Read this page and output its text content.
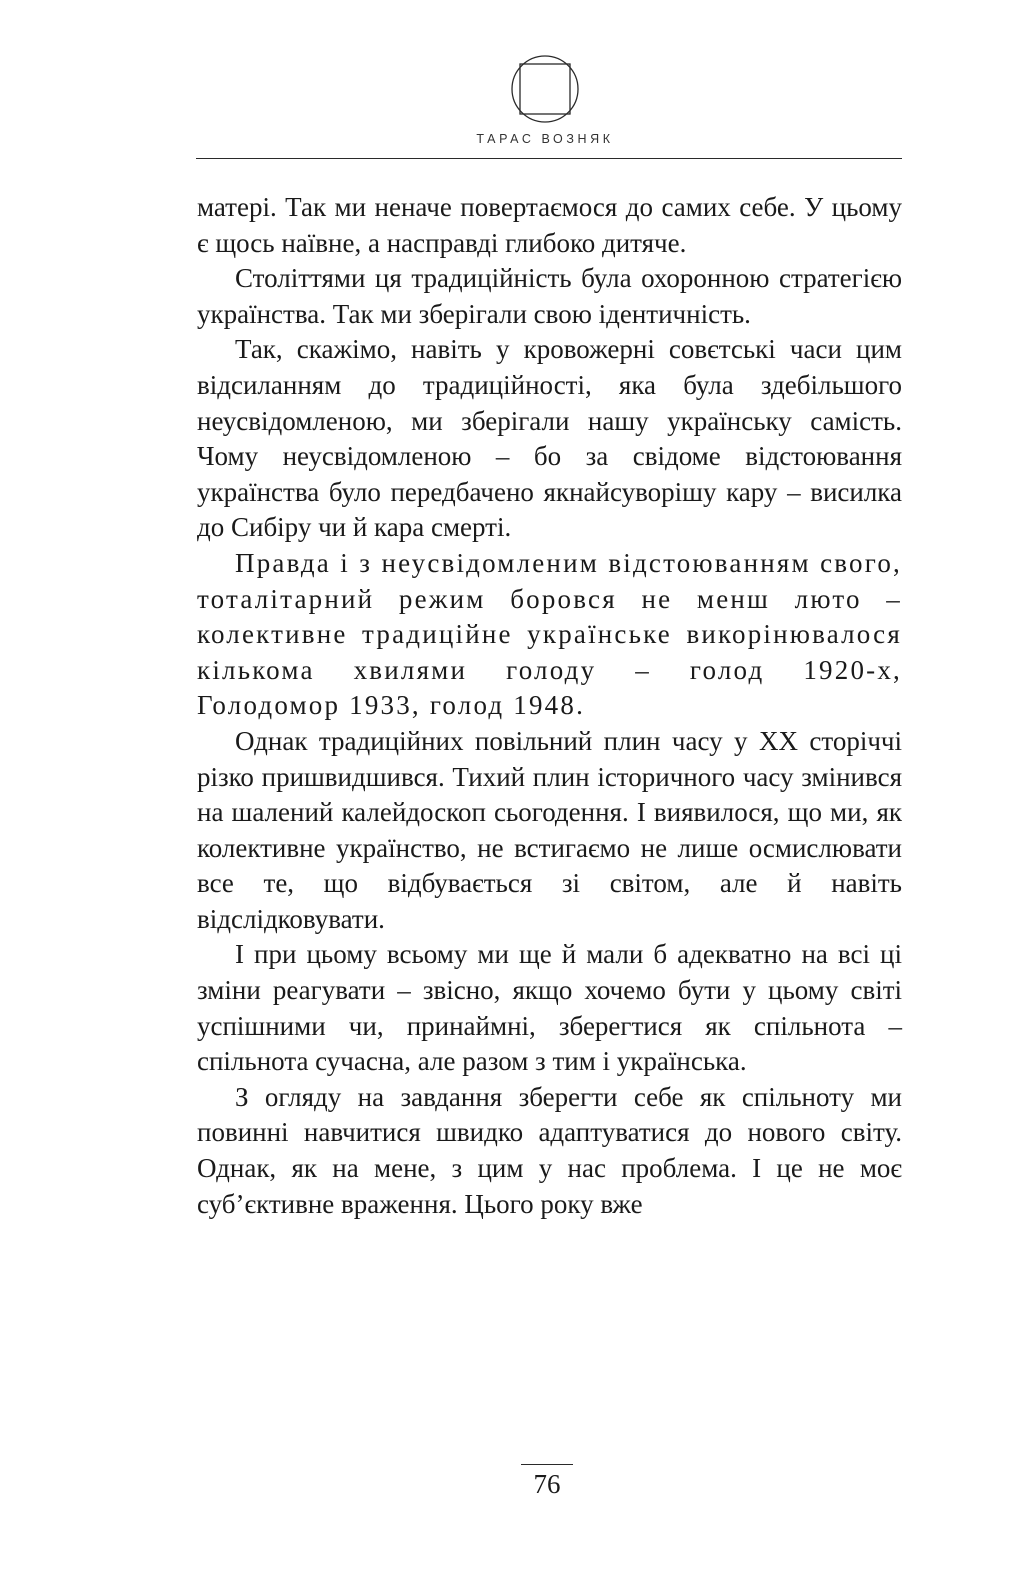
ТАРАС ВОЗНЯК

матері. Так ми неначе повертаємося до самих себе. У цьому є щось наївне, а насправді глибоко дитяче.

Століттями ця традиційність була охоронною стратегією українства. Так ми зберігали свою ідентичність.

Так, скажімо, навіть у кровожерні совєтські часи цим відсиланням до традиційності, яка була здебільшого неусвідомленою, ми зберігали нашу українську самість. Чому неусвідомленою – бо за свідоме відстоювання українства було передбачено якнайсуворішу кару – висилка до Сибіру чи й кара смерті.

Правда і з неусвідомленим відстоюванням свого, тоталітарний режим боровся не менш люто – колективне традиційне українське викорінювалося кількома хвилями голоду – голод 1920-х, Голодомор 1933, голод 1948.

Однак традиційних повільний плин часу у ХХ сторіччі різко пришвидшився. Тихий плин історичного часу змінився на шалений калейдоскоп сьогодення. І виявилося, що ми, як колективне українство, не встигаємо не лише осмислювати все те, що відбувається зі світом, але й навіть відслідковувати.

І при цьому всьому ми ще й мали б адекватно на всі ці зміни реагувати – звісно, якщо хочемо бути у цьому світі успішними чи, принаймні, зберегтися як спільнота – спільнота сучасна, але разом з тим і українська.

З огляду на завдання зберегти себе як спільноту ми повинні навчитися швидко адаптуватися до нового світу. Однак, як на мене, з цим у нас проблема. І це не моє суб’єктивне враження. Цього року вже

76
